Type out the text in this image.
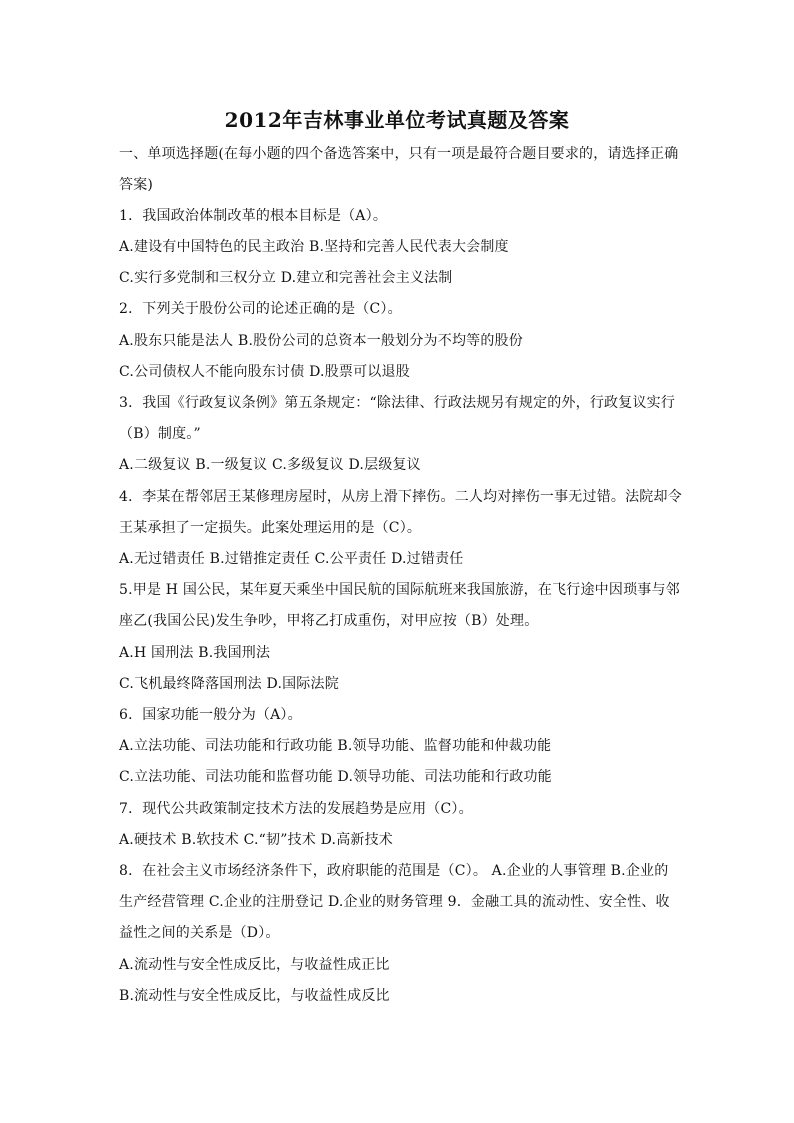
2012年吉林事业单位考试真题及答案
一、单项选择题(在每小题的四个备选答案中，只有一项是最符合题目要求的，请选择正确
答案)
1．我国政治体制改革的根本目标是（A）。
A.建设有中国特色的民主政治 B.坚持和完善人民代表大会制度
C.实行多党制和三权分立 D.建立和完善社会主义法制
2．下列关于股份公司的论述正确的是（C）。
A.股东只能是法人 B.股份公司的总资本一般划分为不均等的股份
C.公司债权人不能向股东讨债 D.股票可以退股
3．我国《行政复议条例》第五条规定：“除法律、行政法规另有规定的外，行政复议实行
（B）制度。”
A.二级复议 B.一级复议 C.多级复议 D.层级复议
4．李某在帮邻居王某修理房屋时，从房上滑下摔伤。二人均对摔伤一事无过错。法院却令
王某承担了一定损失。此案处理运用的是（C）。
A.无过错责任 B.过错推定责任 C.公平责任 D.过错责任
5.甲是 H 国公民，某年夏天乘坐中国民航的国际航班来我国旅游，在飞行途中因琐事与邻
座乙(我国公民)发生争吵，甲将乙打成重伤，对甲应按（B）处理。
A.H 国刑法 B.我国刑法
C.飞机最终降落国刑法 D.国际法院
6．国家功能一般分为（A）。
A.立法功能、司法功能和行政功能 B.领导功能、监督功能和仲裁功能
C.立法功能、司法功能和监督功能 D.领导功能、司法功能和行政功能
7．现代公共政策制定技术方法的发展趋势是应用（C）。
A.硬技术 B.软技术 C.“韧”技术 D.高新技术
8．在社会主义市场经济条件下，政府职能的范围是（C）。 A.企业的人事管理 B.企业的
生产经营管理 C.企业的注册登记 D.企业的财务管理 9．金融工具的流动性、安全性、收
益性之间的关系是（D）。
A.流动性与安全性成反比，与收益性成正比
B.流动性与安全性成反比，与收益性成反比
